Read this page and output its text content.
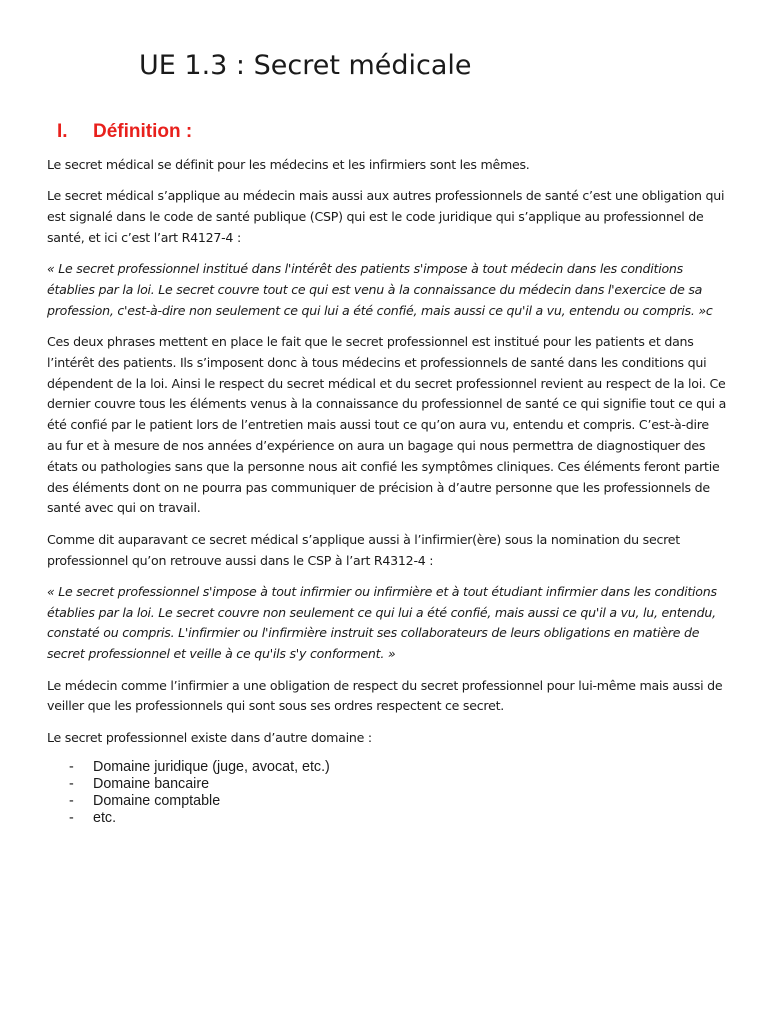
UE 1.3 : Secret médicale
I. Définition :

Le secret médical se définit pour les médecins et les infirmiers sont les mêmes.

Le secret médical s’applique au médecin mais aussi aux autres professionnels de santé c’est une obligation qui est signalé dans le code de santé publique (CSP) qui est le code juridique qui s’applique au professionnel de santé, et ici c’est l’art R4127-4 :

« Le secret professionnel institué dans l'intérêt des patients s'impose à tout médecin dans les conditions établies par la loi. Le secret couvre tout ce qui est venu à la connaissance du médecin dans l'exercice de sa profession, c'est-à-dire non seulement ce qui lui a été confié, mais aussi ce qu'il a vu, entendu ou compris. »c

Ces deux phrases mettent en place le fait que le secret professionnel est institué pour les patients et dans l’intérêt des patients. Ils s’imposent donc à tous médecins et professionnels de santé dans les conditions qui dépendent de la loi. Ainsi le respect du secret médical et du secret professionnel revient au respect de la loi. Ce dernier couvre tous les éléments venus à la connaissance du professionnel de santé ce qui signifie tout ce qui a été confié par le patient lors de l’entretien mais aussi tout ce qu’on aura vu, entendu et compris. C’est-à-dire au fur et à mesure de nos années d’expérience on aura un bagage qui nous permettra de diagnostiquer des états ou pathologies sans que la personne nous ait confié les symptômes cliniques. Ces éléments feront partie des éléments dont on ne pourra pas communiquer de précision à d’autre personne que les professionnels de santé avec qui on travail.

Comme dit auparavant ce secret médical s’applique aussi à l’infirmier(ère) sous la nomination du secret professionnel qu’on retrouve aussi dans le CSP à l’art R4312-4 :

« Le secret professionnel s'impose à tout infirmier ou infirmière et à tout étudiant infirmier dans les conditions établies par la loi. Le secret couvre non seulement ce qui lui a été confié, mais aussi ce qu'il a vu, lu, entendu, constaté ou compris. L'infirmier ou l'infirmière instruit ses collaborateurs de leurs obligations en matière de secret professionnel et veille à ce qu'ils s'y conforment. »

Le médecin comme l’infirmier a une obligation de respect du secret professionnel pour lui-même mais aussi de veiller que les professionnels qui sont sous ses ordres respectent ce secret.

Le secret professionnel existe dans d’autre domaine :

- Domaine juridique (juge, avocat, etc.)
- Domaine bancaire
- Domaine comptable
- etc.
